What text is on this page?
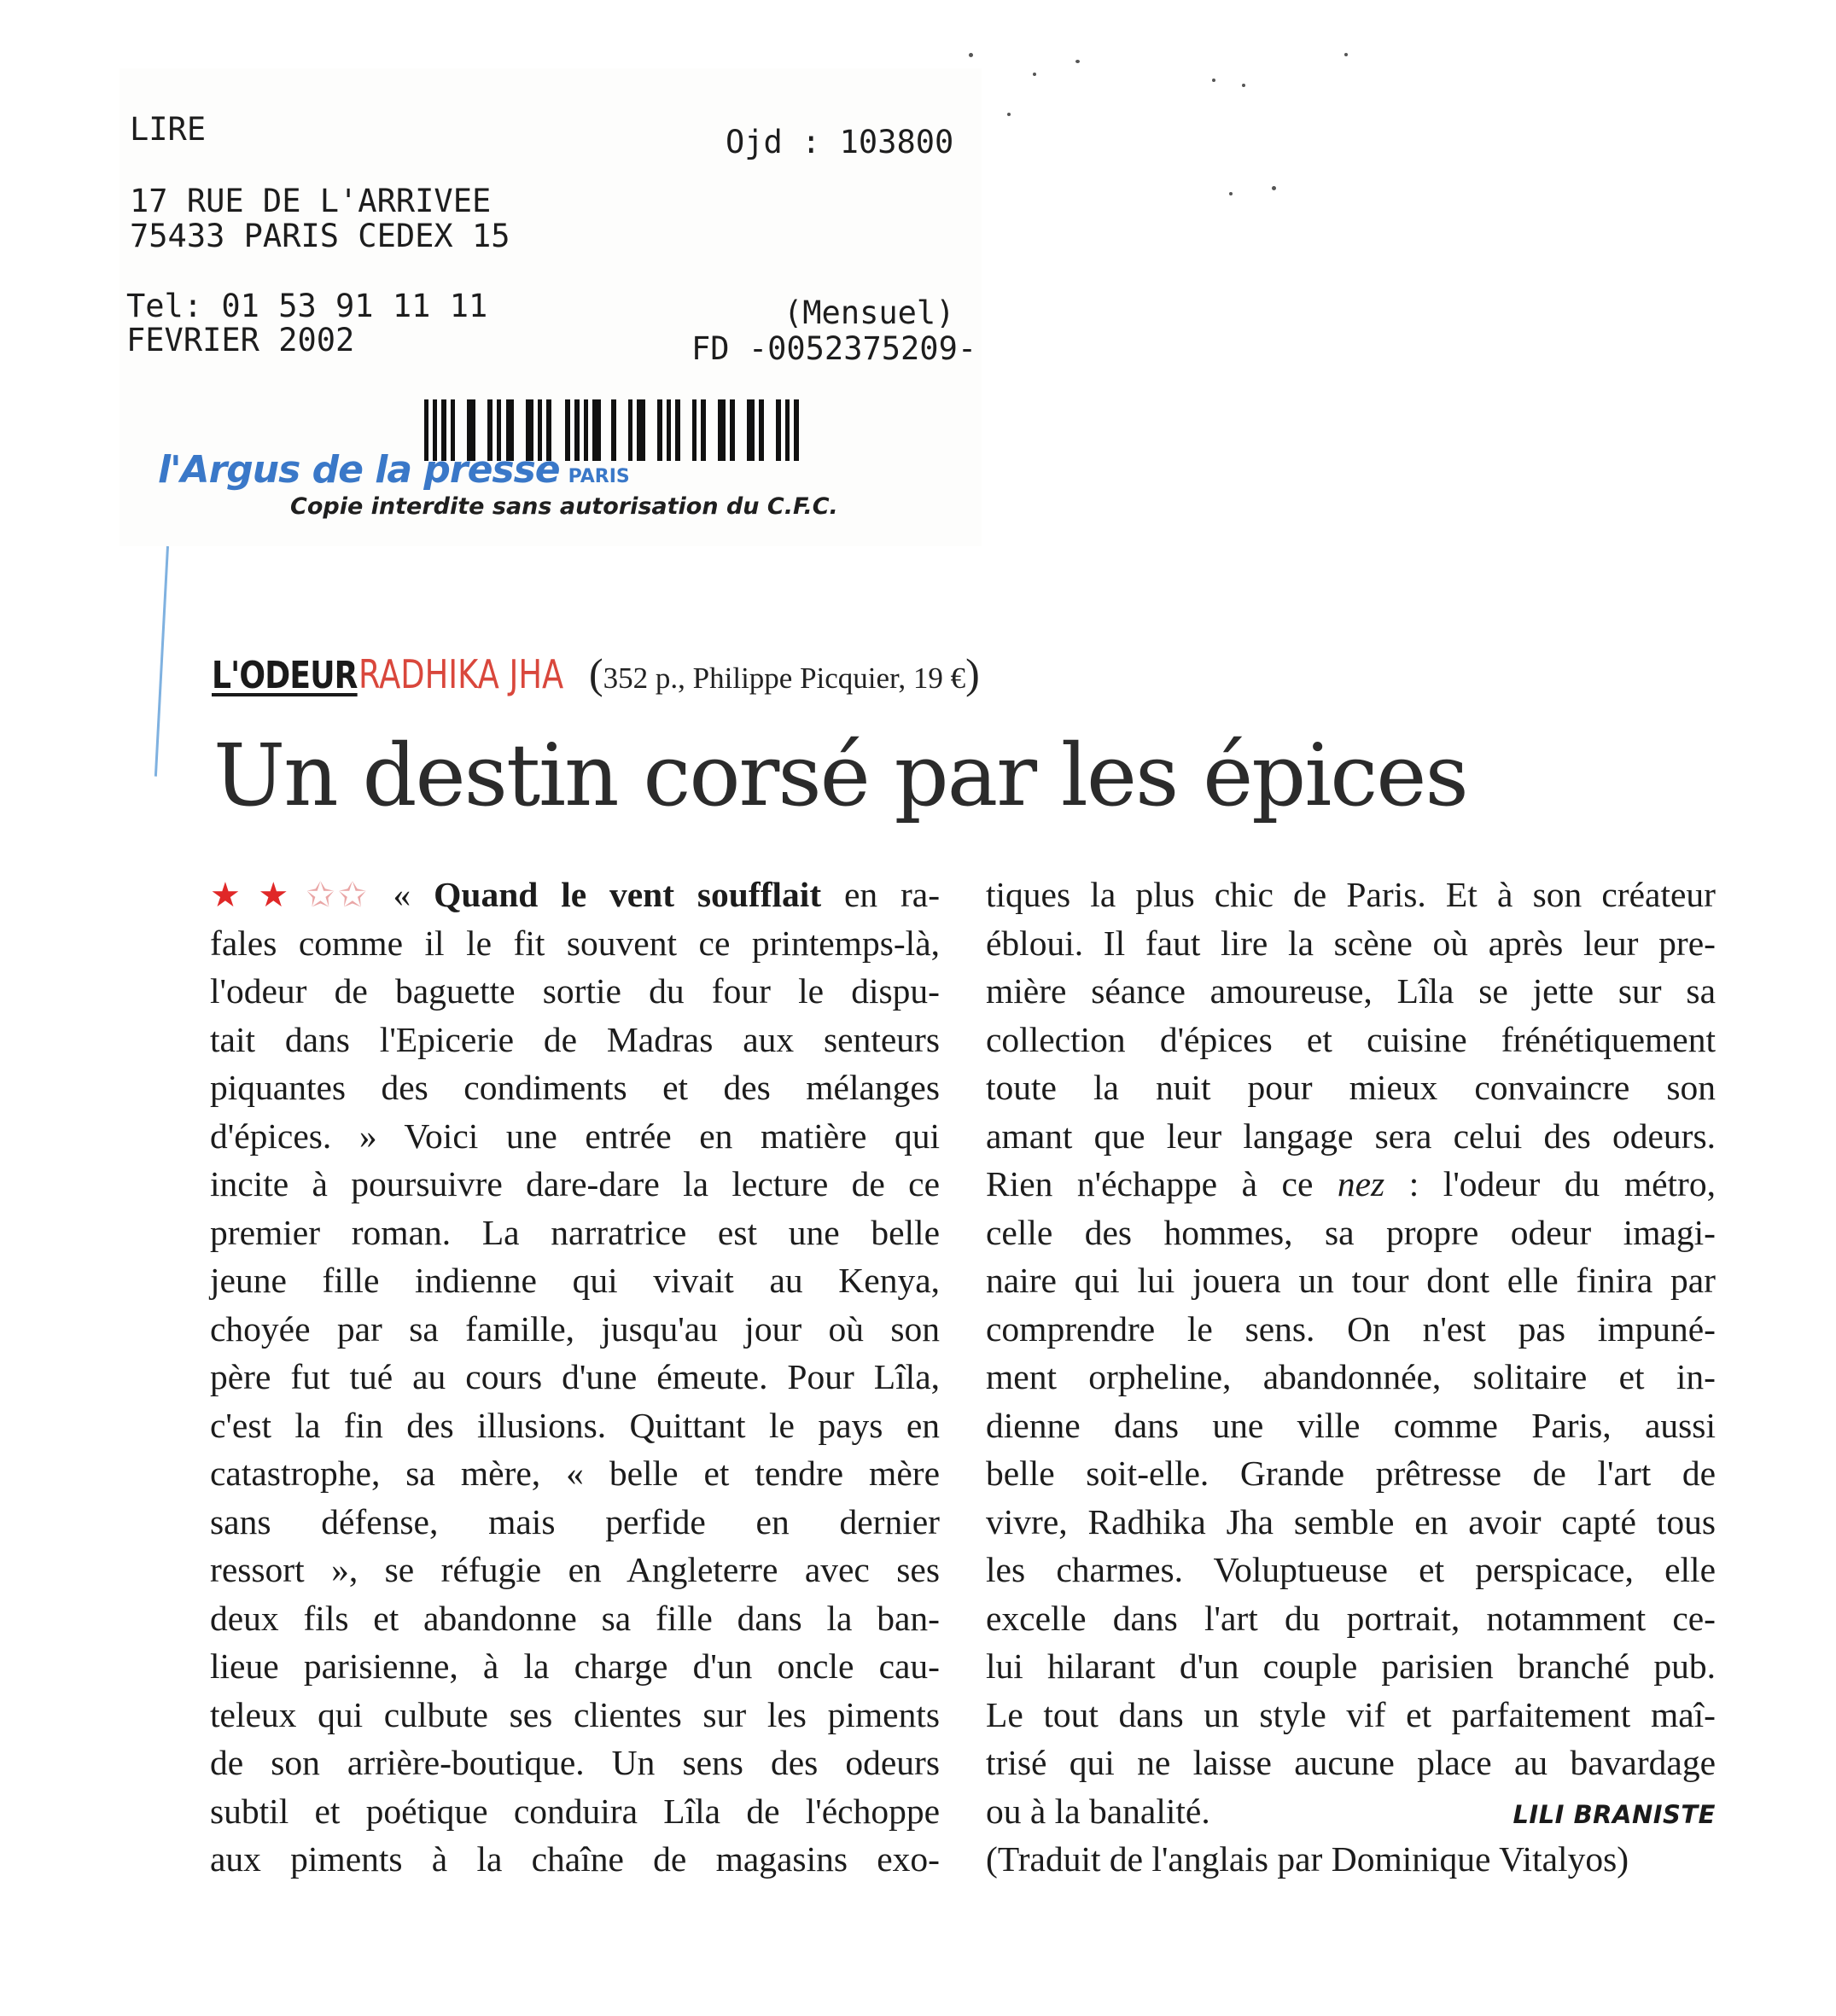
LIRE	Ojd : 103800
17 RUE DE L'ARRIVEE
75433 PARIS CEDEX 15
Tel: 01 53 91 11 11
FEVRIER 2002
(Mensuel)
FD -0052375209-
l'Argus de la presse PARIS
Copie interdite sans autorisation du C.F.C.
L'ODEUR RADHIKA JHA (352 p., Philippe Picquier, 19 €)
Un destin corsé par les épices
★★✩✩ « Quand le vent soufflait en ra-
fales comme il le fit souvent ce printemps-là,
l'odeur de baguette sortie du four le dispu-
tait dans l'Epicerie de Madras aux senteurs
piquantes des condiments et des mélanges
d'épices. » Voici une entrée en matière qui
incite à poursuivre dare-dare la lecture de ce
premier roman. La narratrice est une belle
jeune fille indienne qui vivait au Kenya,
choyée par sa famille, jusqu'au jour où son
père fut tué au cours d'une émeute. Pour Lîla,
c'est la fin des illusions. Quittant le pays en
catastrophe, sa mère, « belle et tendre mère
sans défense, mais perfide en dernier
ressort », se réfugie en Angleterre avec ses
deux fils et abandonne sa fille dans la ban-
lieue parisienne, à la charge d'un oncle cau-
teleux qui culbute ses clientes sur les piments
de son arrière-boutique. Un sens des odeurs
subtil et poétique conduira Lîla de l'échoppe
aux piments à la chaîne de magasins exo-
tiques la plus chic de Paris. Et à son créateur
ébloui. Il faut lire la scène où après leur pre-
mière séance amoureuse, Lîla se jette sur sa
collection d'épices et cuisine frénétiquement
toute la nuit pour mieux convaincre son
amant que leur langage sera celui des odeurs.
Rien n'échappe à ce nez : l'odeur du métro,
celle des hommes, sa propre odeur imagi-
naire qui lui jouera un tour dont elle finira par
comprendre le sens. On n'est pas impuné-
ment orpheline, abandonnée, solitaire et in-
dienne dans une ville comme Paris, aussi
belle soit-elle. Grande prêtresse de l'art de
vivre, Radhika Jha semble en avoir capté tous
les charmes. Voluptueuse et perspicace, elle
excelle dans l'art du portrait, notamment ce-
lui hilarant d'un couple parisien branché pub.
Le tout dans un style vif et parfaitement maî-
trisé qui ne laisse aucune place au bavardage
ou à la banalité.	LILI BRANISTE
(Traduit de l'anglais par Dominique Vitalyos)
